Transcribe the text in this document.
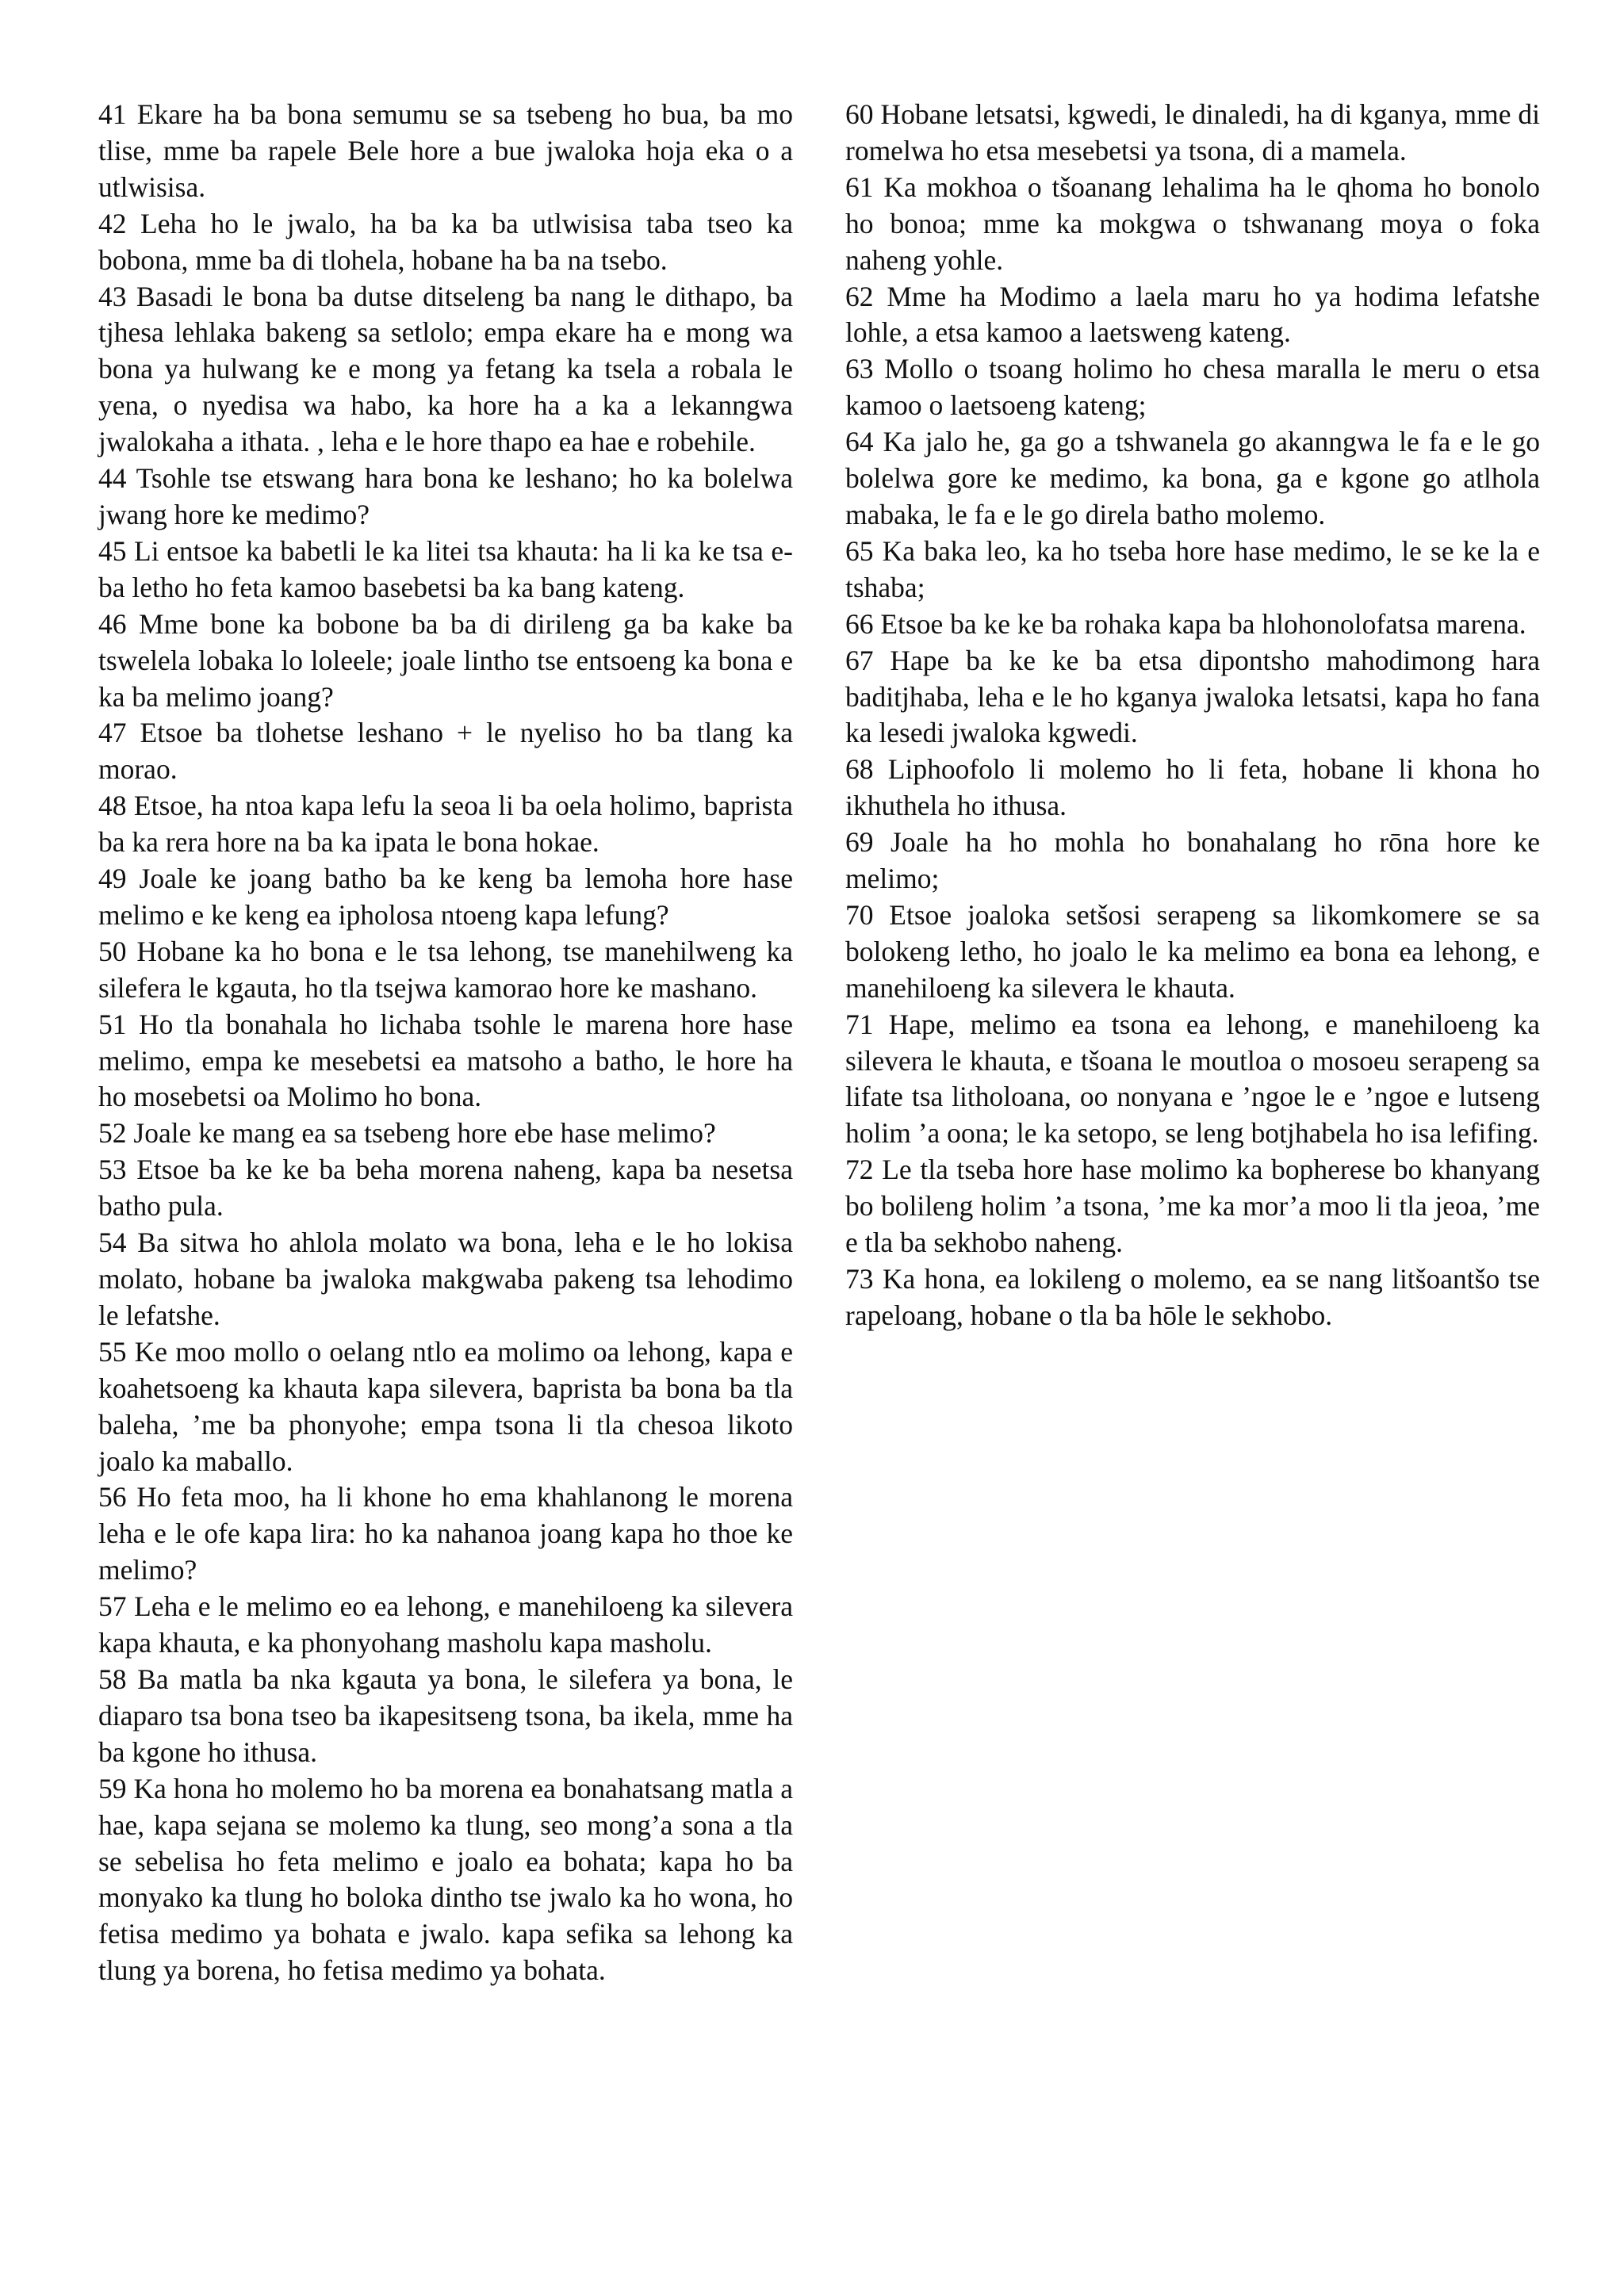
41 Ekare ha ba bona semumu se sa tsebeng ho bua, ba mo tlise, mme ba rapele Bele hore a bue jwaloka hoja eka o a utlwisisa.

42 Leha ho le jwalo, ha ba ka ba utlwisisa taba tseo ka bobona, mme ba di tlohela, hobane ha ba na tsebo.

43 Basadi le bona ba dutse ditseleng ba nang le dithapo, ba tjhesa lehlaka bakeng sa setlolo; empa ekare ha e mong wa bona ya hulwang ke e mong ya fetang ka tsela a robala le yena, o nyedisa wa habo, ka hore ha a ka a lekanngwa jwalokaha a ithata. , leha e le hore thapo ea hae e robehile.

44 Tsohle tse etswang hara bona ke leshano; ho ka bolelwa jwang hore ke medimo?

45 Li entsoe ka babetli le ka litei tsa khauta: ha li ka ke tsa e-ba letho ho feta kamoo basebetsi ba ka bang kateng.

46 Mme bone ka bobone ba ba di dirileng ga ba kake ba tswelela lobaka lo loleele; joale lintho tse entsoeng ka bona e ka ba melimo joang?

47 Etsoe ba tlohetse leshano + le nyeliso ho ba tlang ka morao.

48 Etsoe, ha ntoa kapa lefu la seoa li ba oela holimo, baprista ba ka rera hore na ba ka ipata le bona hokae.

49 Joale ke joang batho ba ke keng ba lemoha hore hase melimo e ke keng ea ipholosa ntoeng kapa lefung?

50 Hobane ka ho bona e le tsa lehong, tse manehilweng ka silefera le kgauta, ho tla tsejwa kamorao hore ke mashano.

51 Ho tla bonahala ho lichaba tsohle le marena hore hase melimo, empa ke mesebetsi ea matsoho a batho, le hore ha ho mosebetsi oa Molimo ho bona.

52 Joale ke mang ea sa tsebeng hore ebe hase melimo?

53 Etsoe ba ke ke ba beha morena naheng, kapa ba nesetsa batho pula.

54 Ba sitwa ho ahlola molato wa bona, leha e le ho lokisa molato, hobane ba jwaloka makgwaba pakeng tsa lehodimo le lefatshe.

55 Ke moo mollo o oelang ntlo ea molimo oa lehong, kapa e koahetsoeng ka khauta kapa silevera, baprista ba bona ba tla baleha, ’me ba phonyohe; empa tsona li tla chesoa likoto joalo ka maballo.

56 Ho feta moo, ha li khone ho ema khahlanong le morena leha e le ofe kapa lira: ho ka nahanoa joang kapa ho thoe ke melimo?

57 Leha e le melimo eo ea lehong, e manehiloeng ka silevera kapa khauta, e ka phonyohang masholu kapa masholu.

58 Ba matla ba nka kgauta ya bona, le silefera ya bona, le diaparo tsa bona tseo ba ikapesitseng tsona, ba ikela, mme ha ba kgone ho ithusa.

59 Ka hona ho molemo ho ba morena ea bonahatsang matla a hae, kapa sejana se molemo ka tlung, seo mong’a sona a tla se sebelisa ho feta melimo e joalo ea bohata; kapa ho ba monyako ka tlung ho boloka dintho tse jwalo ka ho wona, ho fetisa medimo ya bohata e jwalo. kapa sefika sa lehong ka tlung ya borena, ho fetisa medimo ya bohata.

60 Hobane letsatsi, kgwedi, le dinaledi, ha di kganya, mme di romelwa ho etsa mesebetsi ya tsona, di a mamela.

61 Ka mokhoa o tšoanang lehalima ha le qhoma ho bonolo ho bonoa; mme ka mokgwa o tshwanang moya o foka naheng yohle.

62 Mme ha Modimo a laela maru ho ya hodima lefatshe lohle, a etsa kamoo a laetsweng kateng.

63 Mollo o tsoang holimo ho chesa maralla le meru o etsa kamoo o laetsoeng kateng;

64 Ka jalo he, ga go a tshwanela go akanngwa le fa e le go bolelwa gore ke medimo, ka bona, ga e kgone go atlhola mabaka, le fa e le go direla batho molemo.

65 Ka baka leo, ka ho tseba hore hase medimo, le se ke la e tshaba;

66 Etsoe ba ke ke ba rohaka kapa ba hlohonolofatsa marena.

67 Hape ba ke ke ba etsa dipontsho mahodimong hara baditjhaba, leha e le ho kganya jwaloka letsatsi, kapa ho fana ka lesedi jwaloka kgwedi.

68 Liphoofolo li molemo ho li feta, hobane li khona ho ikhuthela ho ithusa.

69 Joale ha ho mohla ho bonahalang ho rōna hore ke melimo;

70 Etsoe joaloka setšosi serapeng sa likomkomere se sa bolokeng letho, ho joalo le ka melimo ea bona ea lehong, e manehiloeng ka silevera le khauta.

71 Hape, melimo ea tsona ea lehong, e manehiloeng ka silevera le khauta, e tšoana le moutloa o mosoeu serapeng sa lifate tsa litholoana, oo nonyana e ’ngoe le e ’ngoe e lutseng holim ’a oona; le ka setopo, se leng botjhabela ho isa lefifing.

72 Le tla tseba hore hase molimo ka bopherese bo khanyang bo bolileng holim ’a tsona, ’me ka mor’a moo li tla jeoa, ’me e tla ba sekhobo naheng.

73 Ka hona, ea lokileng o molemo, ea se nang litšoantšo tse rapeloang, hobane o tla ba hōle le sekhobo.
